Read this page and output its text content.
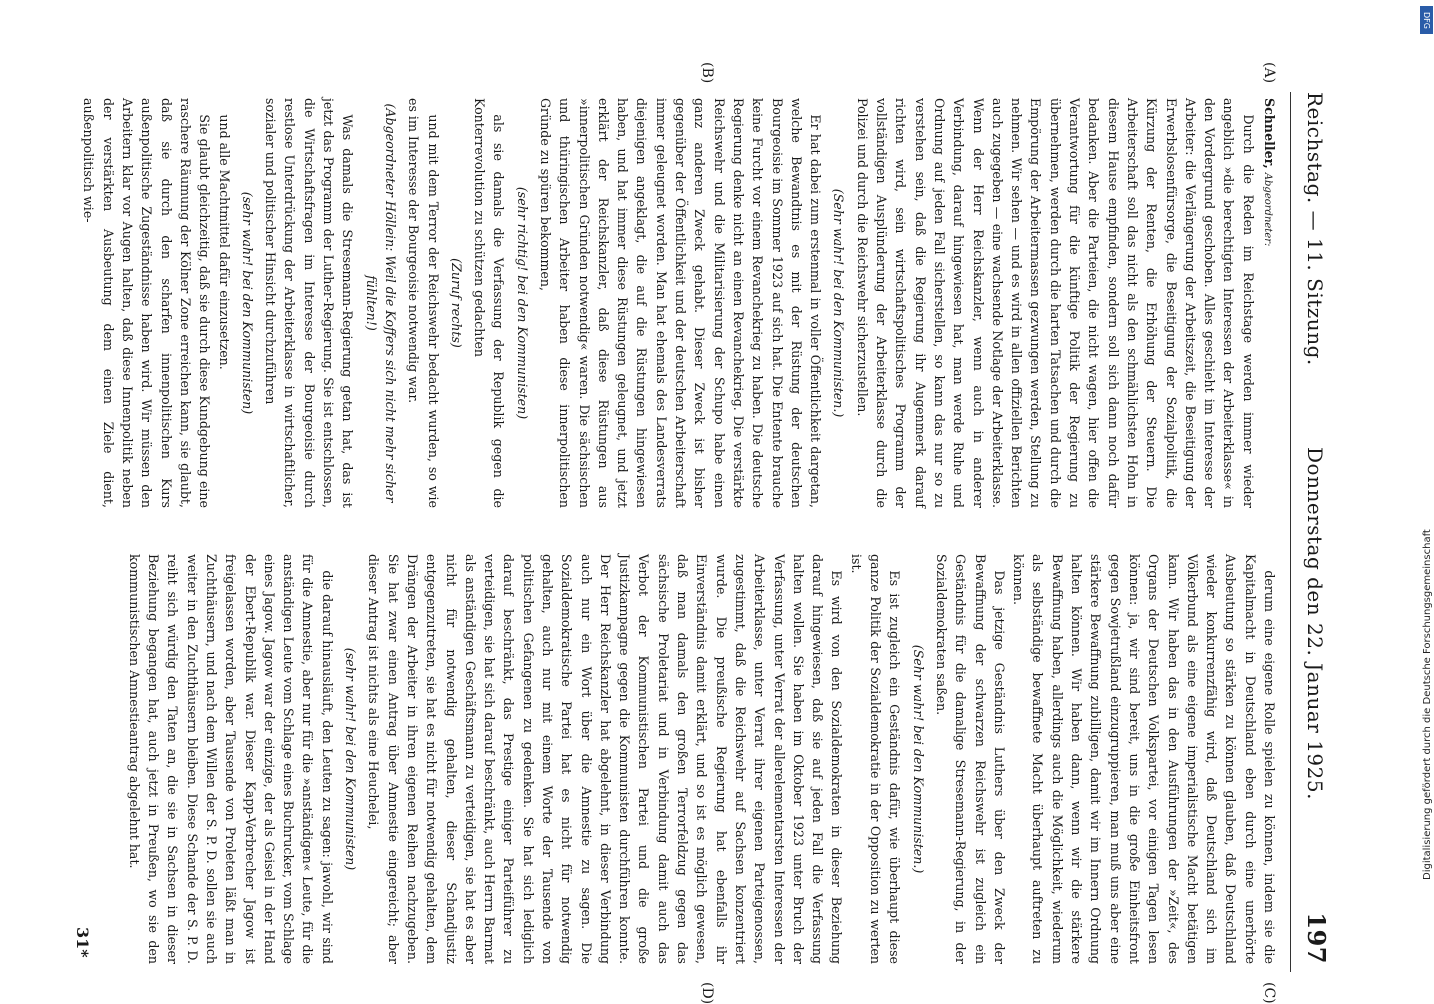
Reichstag. — 11. Sitzung.
Donnerstag den 22. Januar 1925.
197
(A)
(B)
(C)
(D)

Schneller, Abgeordneter:

Durch die Reden im Reichstage werden immer wieder angeblich »die berechtigten Interessen der Arbeiterklasse« in den Vordergrund geschoben. Alles geschieht im Interesse der Arbeiter: die Verlängerung der Arbeitszeit, die Beseitigung der Erwerbslosenfürsorge, die Beseitigung der Sozialpolitik, die Kürzung der Renten, die Erhöhung der Steuern. Die Arbeiterschaft soll das nicht als den schmählichsten Hohn in diesem Hause empfinden, sondern soll sich dann noch dafür bedanken. Aber die Parteien, die nicht wagen, hier offen die Verantwortung für die künftige Politik der Regierung zu übernehmen, werden durch die harten Tatsachen und durch die Empörung der Arbeitermassen gezwungen werden, Stellung zu nehmen. Wir sehen — und es wird in allen offiziellen Berichten auch zugegeben — eine wachsende Notlage der Arbeiterklasse. Wenn der Herr Reichskanzler, wenn auch in anderer Verbindung, darauf hingewiesen hat, man werde Ruhe und Ordnung auf jeden Fall sicherstellen, so kann das nur so zu verstehen sein, daß die Regierung ihr Augenmerk darauf richten wird, sein wirtschaftspolitisches Programm der vollständigen Ausplünderung der Arbeiterklasse durch die Polizei und durch die Reichswehr sicherzustellen.

(Sehr wahr! bei den Kommunisten.)

Er hat dabei zum erstenmal in voller Öffentlichkeit dargetan, welche Bewandtnis es mit der Rüstung der deutschen Bourgeoisie im Sommer 1923 auf sich hat. Die Entente brauche keine Furcht vor einem Revanchekrieg zu haben. Die deutsche Regierung denke nicht an einen Revanchekrieg. Die verstärkte Reichswehr und die Militarisierung der Schupo habe einen ganz anderen Zweck gehabt. Dieser Zweck ist bisher gegenüber der Öffentlichkeit und der deutschen Arbeiterschaft immer geleugnet worden. Man hat ehemals des Landesverrats diejenigen angeklagt, die auf die Rüstungen hingewiesen haben, und hat immer diese Rüstungen geleugnet, und jetzt erklärt der Reichskanzler, daß diese Rüstungen aus »innerpolitischen Gründen notwendig« waren. Die sächsischen und thüringischen Arbeiter haben diese innerpolitischen Gründe zu spüren bekommen,

(sehr richtig! bei den Kommunisten)

als sie damals die Verfassung der Republik gegen die Konterrevolution zu schützen gedachten

(Zuruf rechts)

und mit dem Terror der Reichswehr bedacht wurden, so wie es im Interesse der Bourgeoisie notwendig war.

(Abgeordneter Höllein: Weil die Koffers sich nicht mehr sicher fühlten!)

Was damals die Stresemann-Regierung getan hat, das ist jetzt das Programm der Luther-Regierung. Sie ist entschlossen, die Wirtschaftsfragen im Interesse der Bourgeoisie durch restlose Unterdrückung der Arbeiterklasse in wirtschaftlicher, sozialer und politischer Hinsicht durchzuführen

(sehr wahr! bei den Kommunisten)

und alle Machtmittel dafür einzusetzen.

Sie glaubt gleichzeitig, daß sie durch diese Kundgebung eine raschere Räumung der Kölner Zone erreichen kann, sie glaubt, daß sie durch den scharfen innenpolitischen Kurs außenpolitische Zugeständnisse haben wird. Wir müssen den Arbeitern klar vor Augen halten, daß diese Innenpolitik neben der verstärkten Ausbeutung dem einen Ziele dient, außenpolitisch wie-

derum eine eigene Rolle spielen zu können, indem sie die Kapitalmacht in Deutschland eben durch eine unerhörte Ausbeutung so stärken zu können glauben, daß Deutschland wieder konkurrenzfähig wird, daß Deutschland sich im Völkerbund als eine eigene imperialistische Macht betätigen kann. Wir haben das in den Ausführungen der »Zeit«, des Organs der Deutschen Volkspartei, vor einigen Tagen lesen können: ja, wir sind bereit, uns in die große Einheitsfront gegen Sowjetrußland einzugruppieren, man muß uns aber eine stärkere Bewaffnung zubilligen, damit wir im Innern Ordnung halten können. Wir haben dann, wenn wir die stärkere Bewaffnung haben, allerdings auch die Möglichkeit, wiederum als selbständige bewaffnete Macht überhaupt auftreten zu können.

Das jetzige Geständnis Luthers über den Zweck der Bewaffnung der schwarzen Reichswehr ist zugleich ein Geständnis für die damalige Stresemann-Regierung, in der Sozialdemokraten saßen.

(Sehr wahr! bei den Kommunisten.)

Es ist zugleich ein Geständnis dafür, wie überhaupt diese ganze Politik der Sozialdemokratie in der Opposition zu werten ist.

Es wird von den Sozialdemokraten in dieser Beziehung darauf hingewiesen, daß sie auf jeden Fall die Verfassung halten wollen. Sie haben im Oktober 1923 unter Bruch der Verfassung, unter Verrat der allerelementarsten Interessen der Arbeiterklasse, unter Verrat ihrer eigenen Parteigenossen, zugestimmt, daß die Reichswehr auf Sachsen konzentriert wurde. Die preußische Regierung hat ebenfalls ihr Einverständnis damit erklärt, und so ist es möglich gewesen, daß man damals den großen Terrorfeldzug gegen das sächsische Proletariat und in Verbindung damit auch das Verbot der Kommunistischen Partei und die große Justizkampagne gegen die Kommunisten durchführen konnte. Der Herr Reichskanzler hat abgelehnt, in dieser Verbindung auch nur ein Wort über die Amnestie zu sagen. Die Sozialdemokratische Partei hat es nicht für notwendig gehalten, auch nur mit einem Worte der Tausende von politischen Gefangenen zu gedenken. Sie hat sich lediglich darauf beschränkt, das Prestige einiger Parteiführer zu verteidigen, sie hat sich darauf beschränkt, auch Herrn Barmat als anständigen Geschäftsmann zu verteidigen, sie hat es aber nicht für notwendig gehalten, dieser Schandjustiz entgegenzutreten, sie hat es nicht für notwendig gehalten, dem Drängen der Arbeiter in ihren eigenen Reihen nachzugeben. Sie hat zwar einen Antrag über Amnestie eingereicht; aber dieser Antrag ist nichts als eine Heuchelei,

(sehr wahr! bei den Kommunisten)

die darauf hinausläuft, den Leuten zu sagen: jawohl, wir sind für die Amnestie, aber nur für die »anständigen« Leute, für die anständigen Leute vom Schlage eines Buchrucker, vom Schlage eines Jagow. Jagow war der einzige, der als Geisel in der Hand der Ebert-Republik war. Dieser Kapp-Verbrecher Jagow ist freigelassen worden, aber Tausende von Proleten läßt man in Zuchthäusern, und nach dem Willen der S. P. D. sollen sie auch weiter in den Zuchthäusern bleiben. Diese Schande der S. P. D. reiht sich würdig den Taten an, die sie in Sachsen in dieser Beziehung begangen hat, auch jetzt in Preußen, wo sie den kommunistischen Amnestieantrag abgelehnt hat.

31*
DFG
Digitalisierung gefördert durch die Deutsche Forschungsgemeinschaft
